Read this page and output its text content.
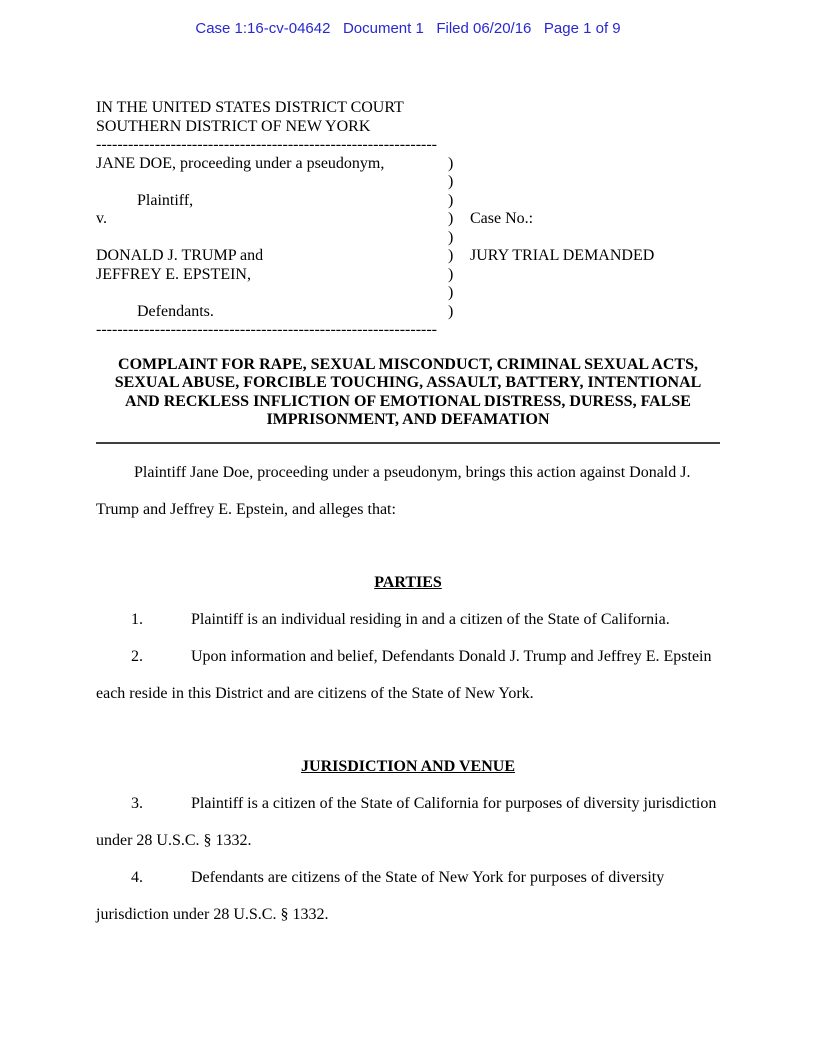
Case 1:16-cv-04642   Document 1   Filed 06/20/16   Page 1 of 9
IN THE UNITED STATES DISTRICT COURT
SOUTHERN DISTRICT OF NEW YORK
----------------------------------------------------------------
JANE DOE, proceeding under a pseudonym,	)
)
Plaintiff,	)
v.	)	Case No.:
)
DONALD J. TRUMP and	)	JURY TRIAL DEMANDED
JEFFREY E. EPSTEIN,	)
)
Defendants.	)
----------------------------------------------------------------
COMPLAINT FOR RAPE, SEXUAL MISCONDUCT, CRIMINAL SEXUAL ACTS,
SEXUAL ABUSE, FORCIBLE TOUCHING, ASSAULT, BATTERY, INTENTIONAL
AND RECKLESS INFLICTION OF EMOTIONAL DISTRESS, DURESS, FALSE
IMPRISONMENT, AND DEFAMATION

Plaintiff Jane Doe, proceeding under a pseudonym, brings this action against Donald J. Trump and Jeffrey E. Epstein, and alleges that:

PARTIES

1.	Plaintiff is an individual residing in and a citizen of the State of California.

2.	Upon information and belief, Defendants Donald J. Trump and Jeffrey E. Epstein each reside in this District and are citizens of the State of New York.

JURISDICTION AND VENUE

3.	Plaintiff is a citizen of the State of California for purposes of diversity jurisdiction under 28 U.S.C. § 1332.

4.	Defendants are citizens of the State of New York for purposes of diversity jurisdiction under 28 U.S.C. § 1332.
